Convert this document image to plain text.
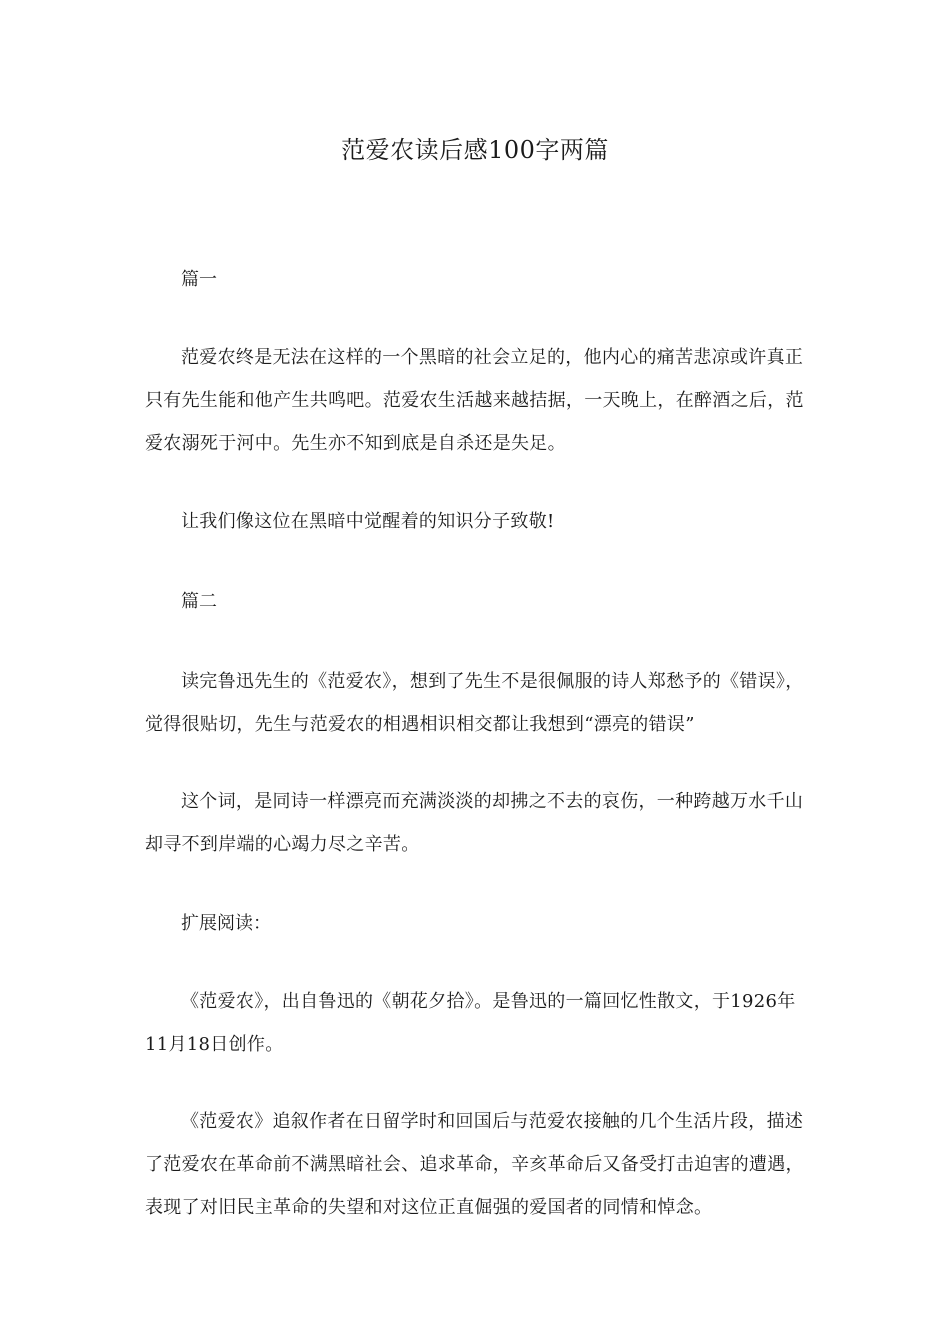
范爱农读后感100字两篇
篇一

范爱农终是无法在这样的一个黑暗的社会立足的，他内心的痛苦悲凉或许真正只有先生能和他产生共鸣吧。范爱农生活越来越拮据，一天晚上，在醉酒之后，范爱农溺死于河中。先生亦不知到底是自杀还是失足。

让我们像这位在黑暗中觉醒着的知识分子致敬!

篇二

读完鲁迅先生的《范爱农》，想到了先生不是很佩服的诗人郑愁予的《错误》，觉得很贴切，先生与范爱农的相遇相识相交都让我想到“漂亮的错误”

这个词，是同诗一样漂亮而充满淡淡的却拂之不去的哀伤，一种跨越万水千山却寻不到岸端的心竭力尽之辛苦。

扩展阅读：

《范爱农》，出自鲁迅的《朝花夕拾》。是鲁迅的一篇回忆性散文，于1926年11月18日创作。

《范爱农》追叙作者在日留学时和回国后与范爱农接触的几个生活片段，描述了范爱农在革命前不满黑暗社会、追求革命，辛亥革命后又备受打击迫害的遭遇，表现了对旧民主革命的失望和对这位正直倔强的爱国者的同情和悼念。
